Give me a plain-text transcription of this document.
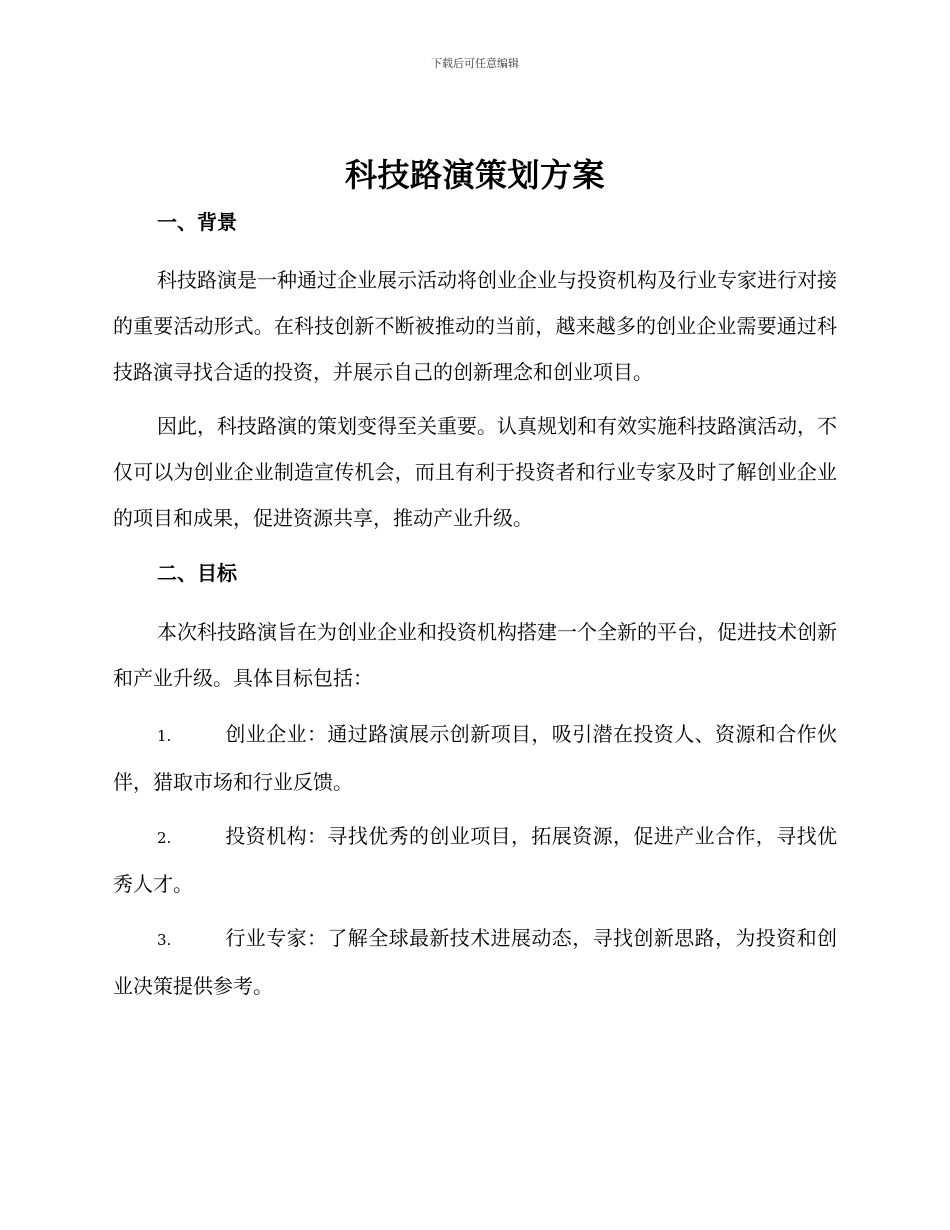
下载后可任意编辑
科技路演策划方案
一、背景

科技路演是一种通过企业展示活动将创业企业与投资机构及行业专家进行对接的重要活动形式。在科技创新不断被推动的当前，越来越多的创业企业需要通过科技路演寻找合适的投资，并展示自己的创新理念和创业项目。

因此，科技路演的策划变得至关重要。认真规划和有效实施科技路演活动，不仅可以为创业企业制造宣传机会，而且有利于投资者和行业专家及时了解创业企业的项目和成果，促进资源共享，推动产业升级。

二、目标

本次科技路演旨在为创业企业和投资机构搭建一个全新的平台，促进技术创新和产业升级。具体目标包括：

1.	创业企业：通过路演展示创新项目，吸引潜在投资人、资源和合作伙伴，猎取市场和行业反馈。

2.	投资机构：寻找优秀的创业项目，拓展资源，促进产业合作，寻找优秀人才。

3.	行业专家：了解全球最新技术进展动态，寻找创新思路，为投资和创业决策提供参考。
